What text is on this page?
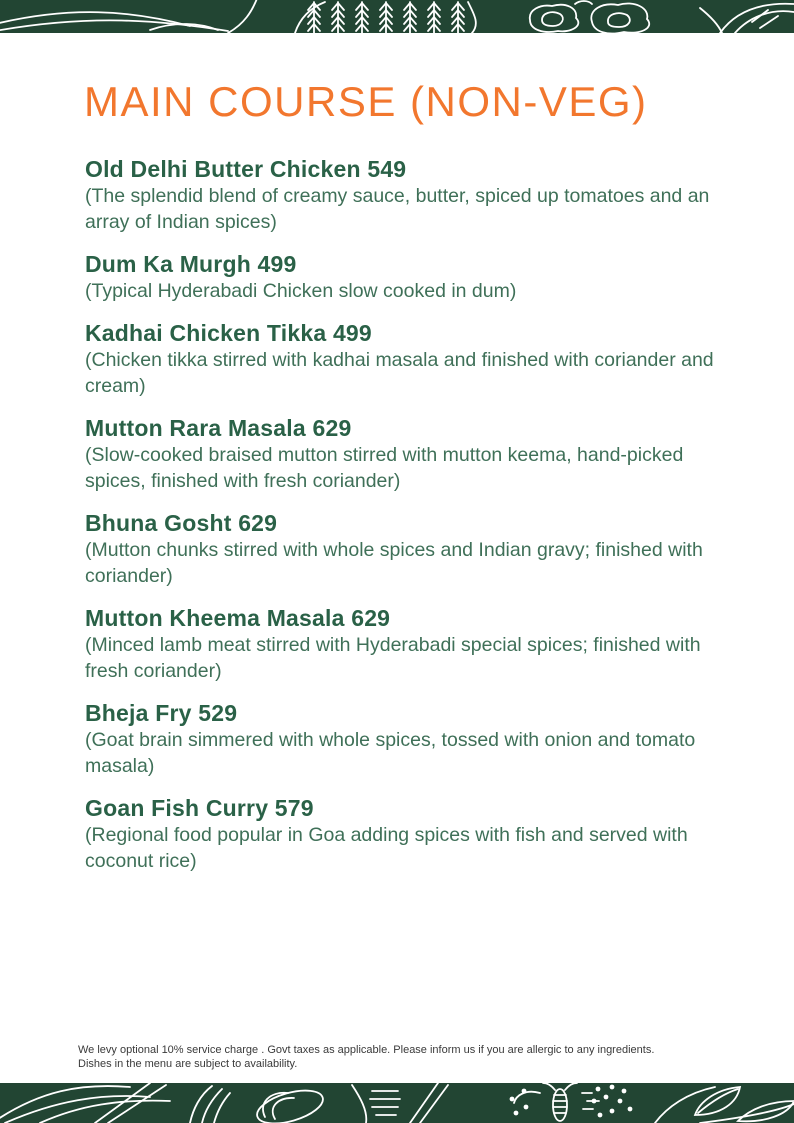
MAIN COURSE (NON-VEG)
Old Delhi Butter Chicken 549

(The splendid blend of creamy sauce, butter, spiced up tomatoes and an array of Indian spices)

Dum Ka Murgh 499

(Typical Hyderabadi Chicken slow cooked in dum)

Kadhai Chicken Tikka 499

(Chicken tikka stirred with kadhai masala and finished with coriander and cream)

Mutton Rara Masala 629

(Slow-cooked braised mutton stirred with mutton keema, hand-picked spices, finished with fresh coriander)

Bhuna Gosht 629

(Mutton chunks stirred with whole spices and Indian gravy; finished with coriander)

Mutton Kheema Masala 629

(Minced lamb meat stirred with Hyderabadi special spices; finished with fresh coriander)

Bheja Fry 529

(Goat brain simmered with whole spices, tossed with onion and tomato masala)

Goan Fish Curry 579

(Regional food popular in Goa adding spices with fish and served with coconut rice)

We levy optional 10% service charge . Govt taxes as applicable. Please inform us if you are allergic to any ingredients.
Dishes in the menu are subject to availability.
